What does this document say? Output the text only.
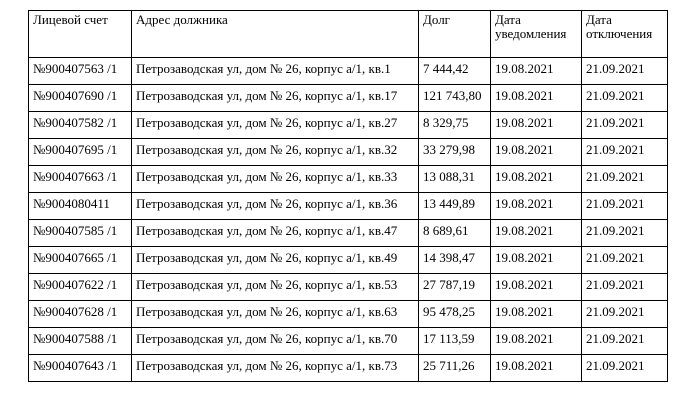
Лицевой счет	Адрес должника	Долг	Дата уведомления	Дата отключения

№900407563 /1	Петрозаводская ул, дом № 26, корпус а/1, кв.1	7 444,42	19.08.2021	21.09.2021
№900407690 /1	Петрозаводская ул, дом № 26, корпус а/1, кв.17	121 743,80	19.08.2021	21.09.2021
№900407582 /1	Петрозаводская ул, дом № 26, корпус а/1, кв.27	8 329,75	19.08.2021	21.09.2021
№900407695 /1	Петрозаводская ул, дом № 26, корпус а/1, кв.32	33 279,98	19.08.2021	21.09.2021
№900407663 /1	Петрозаводская ул, дом № 26, корпус а/1, кв.33	13 088,31	19.08.2021	21.09.2021
№9004080411	Петрозаводская ул, дом № 26, корпус а/1, кв.36	13 449,89	19.08.2021	21.09.2021
№900407585 /1	Петрозаводская ул, дом № 26, корпус а/1, кв.47	8 689,61	19.08.2021	21.09.2021
№900407665 /1	Петрозаводская ул, дом № 26, корпус а/1, кв.49	14 398,47	19.08.2021	21.09.2021
№900407622 /1	Петрозаводская ул, дом № 26, корпус а/1, кв.53	27 787,19	19.08.2021	21.09.2021
№900407628 /1	Петрозаводская ул, дом № 26, корпус а/1, кв.63	95 478,25	19.08.2021	21.09.2021
№900407588 /1	Петрозаводская ул, дом № 26, корпус а/1, кв.70	17 113,59	19.08.2021	21.09.2021
№900407643 /1	Петрозаводская ул, дом № 26, корпус а/1, кв.73	25 711,26	19.08.2021	21.09.2021
